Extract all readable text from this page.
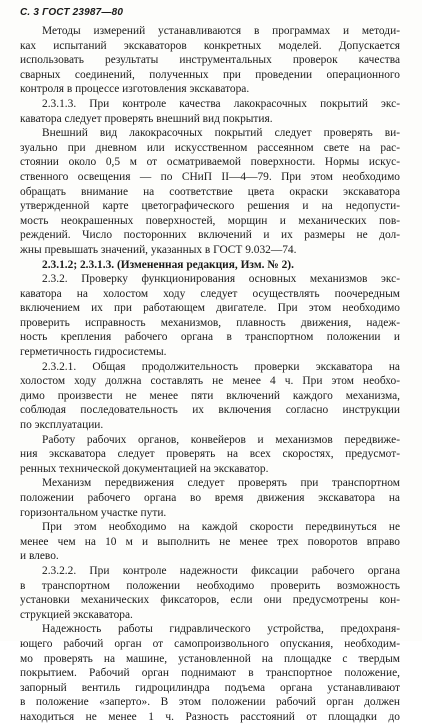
С. 3 ГОСТ 23987—80
Методы измерений устанавливаются в программах и методи-
ках испытаний экскаваторов конкретных моделей. Допускается
использовать результаты инструментальных проверок качества
сварных соединений, полученных при проведении операционного
контроля в процессе изготовления экскаватора.
2.3.1.3. При контроле качества лакокрасочных покрытий экс-
каватора следует проверять внешний вид покрытия.
Внешний вид лакокрасочных покрытий следует проверять ви-
зуально при дневном или искусственном рассеянном свете на рас-
стоянии около 0,5 м от осматриваемой поверхности. Нормы искус-
ственного освещения — по СНиП II—4—79. При этом необходимо
обращать внимание на соответствие цвета окраски экскаватора
утвержденной карте цветографического решения и на недопусти-
мость неокрашенных поверхностей, морщин и механических пов-
реждений. Число посторонних включений и их размеры не дол-
жны превышать значений, указанных в ГОСТ 9.032—74.
2.3.1.2; 2.3.1.3. (Измененная редакция, Изм. № 2).
2.3.2. Проверку функционирования основных механизмов экс-
каватора на холостом ходу следует осуществлять поочередным
включением их при работающем двигателе. При этом необходимо
проверить исправность механизмов, плавность движения, надеж-
ность крепления рабочего органа в транспортном положении и
герметичность гидросистемы.
2.3.2.1. Общая продолжительность проверки экскаватора на
холостом ходу должна составлять не менее 4 ч. При этом необхо-
димо произвести не менее пяти включений каждого механизма,
соблюдая последовательность их включения согласно инструкции
по эксплуатации.
Работу рабочих органов, конвейеров и механизмов передвиже-
ния экскаватора следует проверять на всех скоростях, предусмот-
ренных технической документацией на экскаватор.
Механизм передвижения следует проверять при транспортном
положении рабочего органа во время движения экскаватора на
горизонтальном участке пути.
При этом необходимо на каждой скорости передвинуться не
менее чем на 10 м и выполнить не менее трех поворотов вправо
и влево.
2.3.2.2. При контроле надежности фиксации рабочего органа
в транспортном положении необходимо проверить возможность
установки механических фиксаторов, если они предусмотрены кон-
струкцией экскаватора.
Надежность работы гидравлического устройства, предохраня-
ющего рабочий орган от самопроизвольного опускания, необходим-
мо проверять на машине, установленной на площадке с твердым
покрытием. Рабочий орган поднимают в транспортное положение,
запорный вентиль гидроцилиндра подъема органа устанавливают
в положение «заперто». В этом положении рабочий орган должен
находиться не менее 1 ч. Разность расстояний от площадки до
